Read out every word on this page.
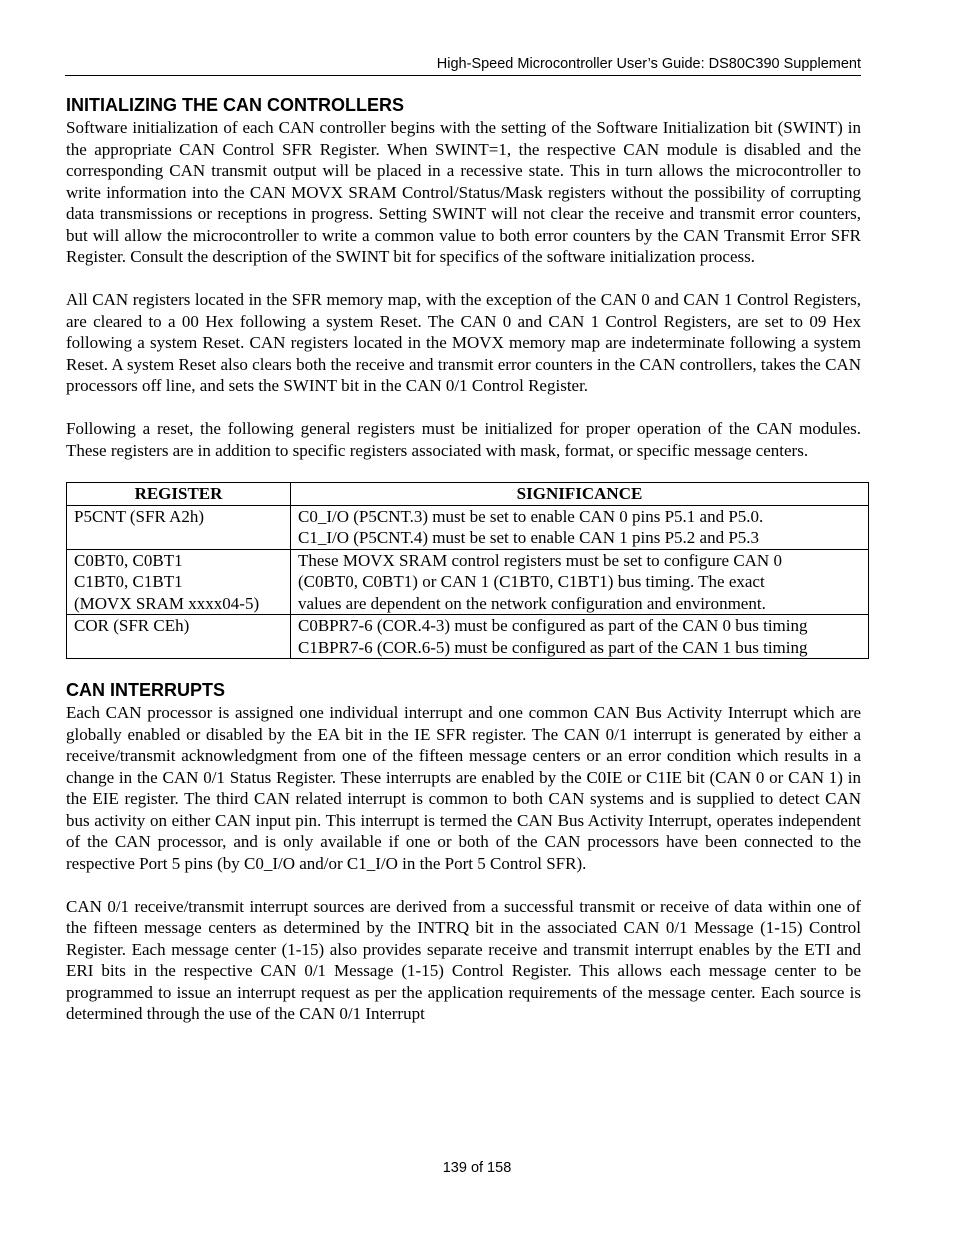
High-Speed Microcontroller User’s Guide: DS80C390 Supplement
INITIALIZING THE CAN CONTROLLERS

Software initialization of each CAN controller begins with the setting of the Software Initialization bit (SWINT) in the appropriate CAN Control SFR Register. When SWINT=1, the respective CAN module is disabled and the corresponding CAN transmit output will be placed in a recessive state. This in turn allows the microcontroller to write information into the CAN MOVX SRAM Control/Status/Mask registers without the possibility of corrupting data transmissions or receptions in progress. Setting SWINT will not clear the receive and transmit error counters, but will allow the microcontroller to write a common value to both error counters by the CAN Transmit Error SFR Register. Consult the description of the SWINT bit for specifics of the software initialization process.

All CAN registers located in the SFR memory map, with the exception of the CAN 0 and CAN 1 Control Registers, are cleared to a 00 Hex following a system Reset. The CAN 0 and CAN 1 Control Registers, are set to 09 Hex following a system Reset. CAN registers located in the MOVX memory map are indeterminate following a system Reset. A system Reset also clears both the receive and transmit error counters in the CAN controllers, takes the CAN processors off line, and sets the SWINT bit in the CAN 0/1 Control Register.

Following a reset, the following general registers must be initialized for proper operation of the CAN modules. These registers are in addition to specific registers associated with mask, format, or specific message centers.

REGISTER	SIGNIFICANCE

P5CNT (SFR A2h)	C0_I/O (P5CNT.3) must be set to enable CAN 0 pins P5.1 and P5.0.
C1_I/O (P5CNT.4) must be set to enable CAN 1 pins P5.2 and P5.3

C0BT0, C0BT1
C1BT0, C1BT1
(MOVX SRAM xxxx04-5)	These MOVX SRAM control registers must be set to configure CAN 0
(C0BT0, C0BT1) or CAN 1 (C1BT0, C1BT1) bus timing. The exact
values are dependent on the network configuration and environment.

COR (SFR CEh)	C0BPR7-6 (COR.4-3) must be configured as part of the CAN 0 bus timing
C1BPR7-6 (COR.6-5) must be configured as part of the CAN 1 bus timing
CAN INTERRUPTS

Each CAN processor is assigned one individual interrupt and one common CAN Bus Activity Interrupt which are globally enabled or disabled by the EA bit in the IE SFR register. The CAN 0/1 interrupt is generated by either a receive/transmit acknowledgment from one of the fifteen message centers or an error condition which results in a change in the CAN 0/1 Status Register. These interrupts are enabled by the C0IE or C1IE bit (CAN 0 or CAN 1) in the EIE register. The third CAN related interrupt is common to both CAN systems and is supplied to detect CAN bus activity on either CAN input pin. This interrupt is termed the CAN Bus Activity Interrupt, operates independent of the CAN processor, and is only available if one or both of the CAN processors have been connected to the respective Port 5 pins (by C0_I/O and/or C1_I/O in the Port 5 Control SFR).

CAN 0/1 receive/transmit interrupt sources are derived from a successful transmit or receive of data within one of the fifteen message centers as determined by the INTRQ bit in the associated CAN 0/1 Message (1-15) Control Register. Each message center (1-15) also provides separate receive and transmit interrupt enables by the ETI and ERI bits in the respective CAN 0/1 Message (1-15) Control Register. This allows each message center to be programmed to issue an interrupt request as per the application requirements of the message center. Each source is determined through the use of the CAN 0/1 Interrupt

139 of 158
